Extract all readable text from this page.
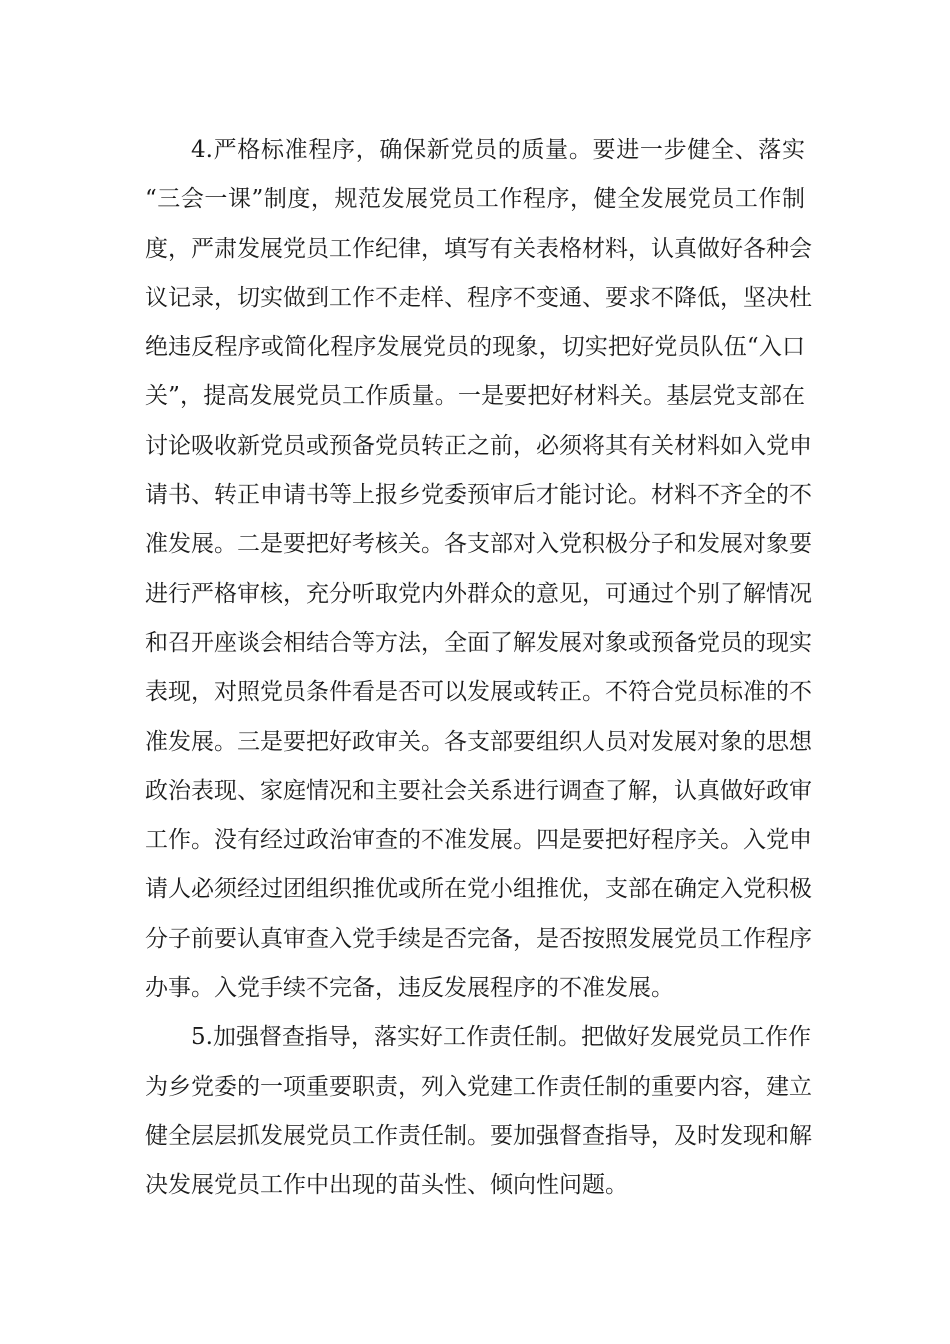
4.严格标准程序，确保新党员的质量。要进一步健全、落实
“三会一课”制度，规范发展党员工作程序，健全发展党员工作制
度，严肃发展党员工作纪律，填写有关表格材料，认真做好各种会
议记录，切实做到工作不走样、程序不变通、要求不降低，坚决杜
绝违反程序或简化程序发展党员的现象，切实把好党员队伍“入口
关”，提高发展党员工作质量。一是要把好材料关。基层党支部在
讨论吸收新党员或预备党员转正之前，必须将其有关材料如入党申
请书、转正申请书等上报乡党委预审后才能讨论。材料不齐全的不
准发展。二是要把好考核关。各支部对入党积极分子和发展对象要
进行严格审核，充分听取党内外群众的意见，可通过个别了解情况
和召开座谈会相结合等方法，全面了解发展对象或预备党员的现实
表现，对照党员条件看是否可以发展或转正。不符合党员标准的不
准发展。三是要把好政审关。各支部要组织人员对发展对象的思想
政治表现、家庭情况和主要社会关系进行调查了解，认真做好政审
工作。没有经过政治审查的不准发展。四是要把好程序关。入党申
请人必须经过团组织推优或所在党小组推优，支部在确定入党积极
分子前要认真审查入党手续是否完备，是否按照发展党员工作程序
办事。入党手续不完备，违反发展程序的不准发展。
5.加强督查指导，落实好工作责任制。把做好发展党员工作作
为乡党委的一项重要职责，列入党建工作责任制的重要内容，建立
健全层层抓发展党员工作责任制。要加强督查指导，及时发现和解
决发展党员工作中出现的苗头性、倾向性问题。
